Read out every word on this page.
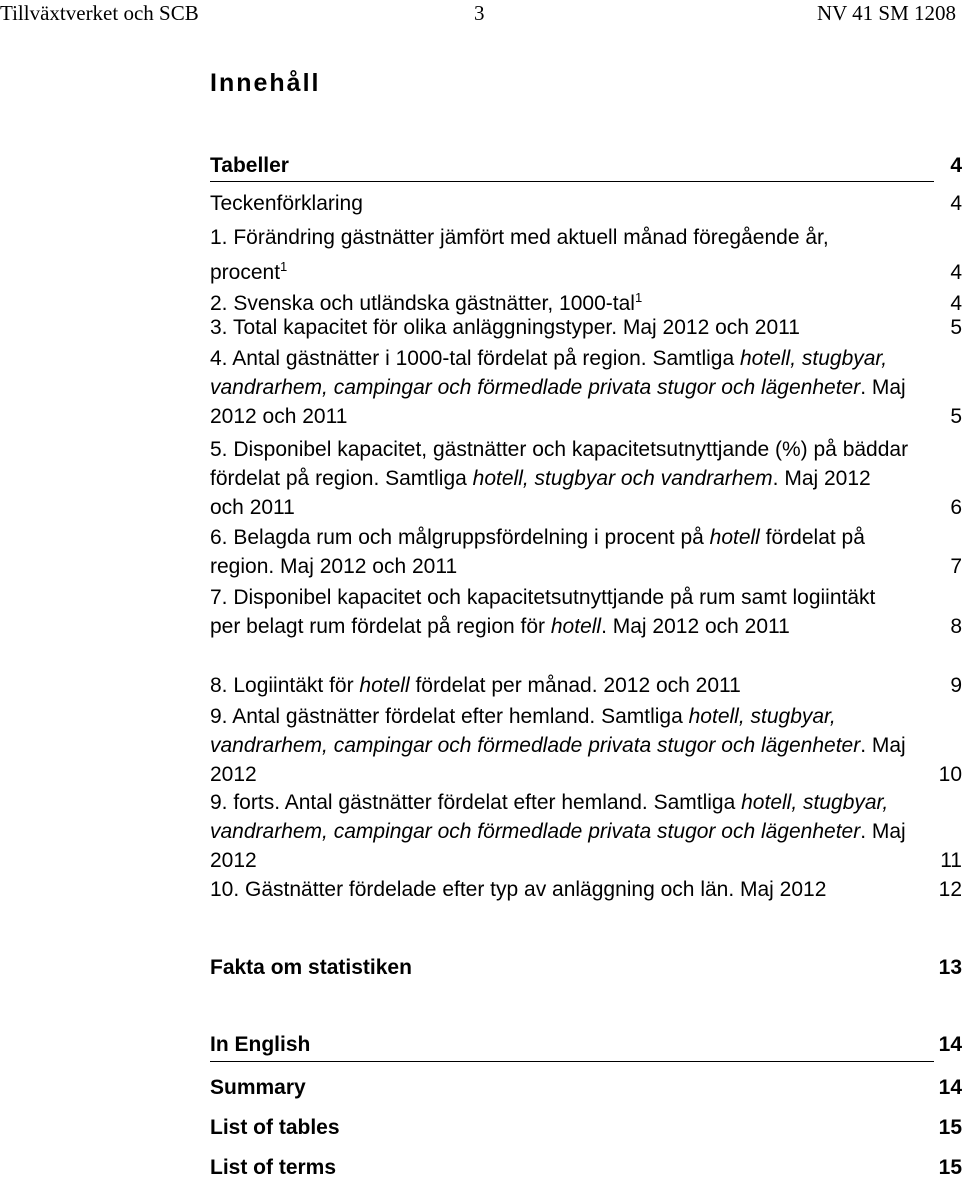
Tillväxtverket och SCB	3	NV 41 SM 1208
Innehåll
Tabeller	4
Teckenförklaring	4
1. Förändring gästnätter jämfört med aktuell månad föregående år, procent$^1$	4
2. Svenska och utländska gästnätter, 1000-tal$^1$	4
3. Total kapacitet för olika anläggningstyper. Maj 2012 och 2011	5
4. Antal gästnätter i 1000-tal fördelat på region. Samtliga hotell, stugbyar, vandrarhem, campingar och förmedlade privata stugor och lägenheter. Maj 2012 och 2011	5
5. Disponibel kapacitet, gästnätter och kapacitetsutnyttjande (%) på bäddar fördelat på region. Samtliga hotell, stugbyar och vandrarhem. Maj 2012 och 2011	6
6. Belagda rum och målgruppsfördelning i procent på hotell fördelat på region. Maj 2012 och 2011	7
7. Disponibel kapacitet och kapacitetsutnyttjande på rum samt logiintäkt per belagt rum fördelat på region för hotell. Maj 2012 och 2011	8
8. Logiintäkt för hotell fördelat per månad. 2012 och 2011	9
9. Antal gästnätter fördelat efter hemland. Samtliga hotell, stugbyar, vandrarhem, campingar och förmedlade privata stugor och lägenheter. Maj 2012	10
9. forts. Antal gästnätter fördelat efter hemland. Samtliga hotell, stugbyar, vandrarhem, campingar och förmedlade privata stugor och lägenheter. Maj 2012	11
10. Gästnätter fördelade efter typ av anläggning och län. Maj 2012	12
Fakta om statistiken	13
In English	14
Summary	14
List of tables	15
List of terms	15
